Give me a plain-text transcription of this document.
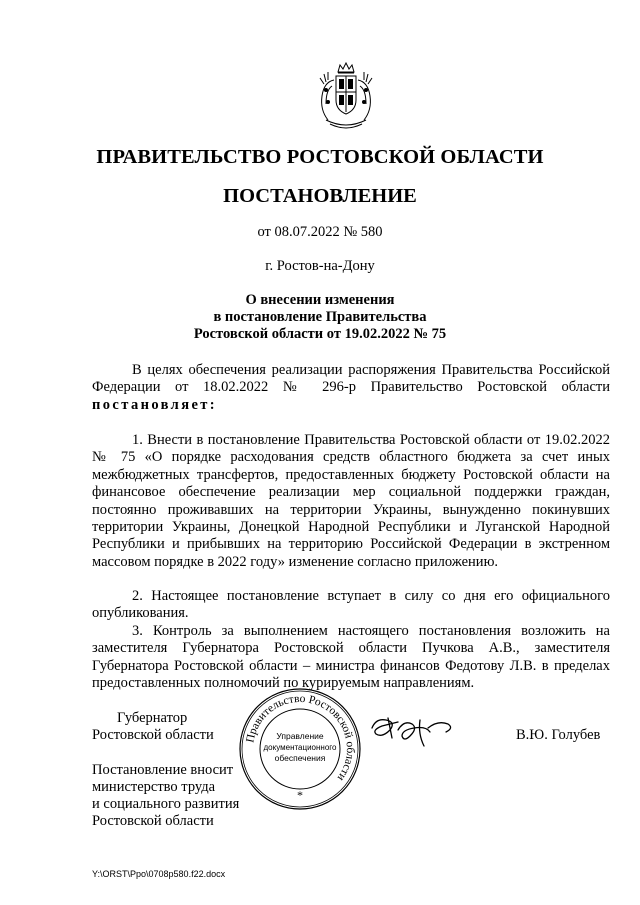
ПРАВИТЕЛЬСТВО РОСТОВСКОЙ ОБЛАСТИ
ПОСТАНОВЛЕНИЕ
от 08.07.2022 № 580
г. Ростов-на-Дону
О внесении изменения
в постановление Правительства
Ростовской области от 19.02.2022 № 75
В целях обеспечения реализации распоряжения Правительства Российской Федерации от 18.02.2022 № 296-р Правительство Ростовской области постановляет:
1. Внести в постановление Правительства Ростовской области от 19.02.2022 № 75 «О порядке расходования средств областного бюджета за счет иных межбюджетных трансфертов, предоставленных бюджету Ростовской области на финансовое обеспечение реализации мер социальной поддержки граждан, постоянно проживавших на территории Украины, вынужденно покинувших территории Украины, Донецкой Народной Республики и Луганской Народной Республики и прибывших на территорию Российской Федерации в экстренном массовом порядке в 2022 году» изменение согласно приложению.
2. Настоящее постановление вступает в силу со дня его официального опубликования.
3. Контроль за выполнением настоящего постановления возложить на заместителя Губернатора Ростовской области Пучкова А.В., заместителя Губернатора Ростовской области – министра финансов Федотову Л.В. в пределах предоставленных полномочий по курируемым направлениям.
Губернатор
Ростовской области	В.Ю. Голубев
Правительство Ростовской области
Управление
документационного
обеспечения
*
Постановление вносит
министерство труда
и социального развития
Ростовской области
Y:\ORST\Ppo\0708p580.f22.docx
